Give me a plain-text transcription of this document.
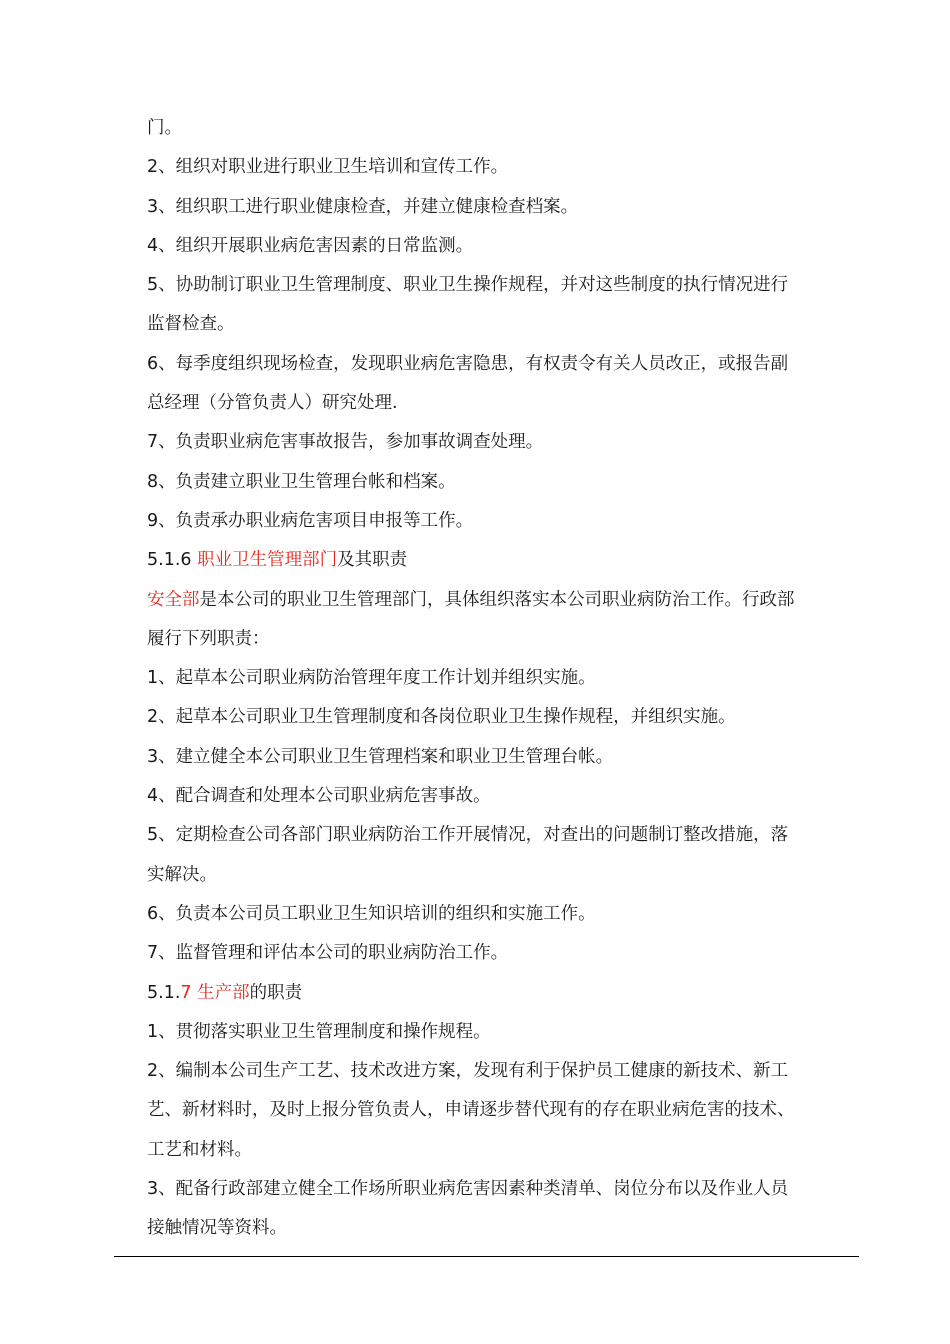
门。
2、组织对职业进行职业卫生培训和宣传工作。
3、组织职工进行职业健康检查，并建立健康检查档案。
4、组织开展职业病危害因素的日常监测。
5、协助制订职业卫生管理制度、职业卫生操作规程，并对这些制度的执行情况进行
监督检查。
6、每季度组织现场检查，发现职业病危害隐患，有权责令有关人员改正，或报告副
总经理（分管负责人）研究处理.
7、负责职业病危害事故报告，参加事故调查处理。
8、负责建立职业卫生管理台帐和档案。
9、负责承办职业病危害项目申报等工作。
5.1.6 职业卫生管理部门及其职责
安全部是本公司的职业卫生管理部门，具体组织落实本公司职业病防治工作。行政部
履行下列职责：
1、起草本公司职业病防治管理年度工作计划并组织实施。
2、起草本公司职业卫生管理制度和各岗位职业卫生操作规程，并组织实施。
3、建立健全本公司职业卫生管理档案和职业卫生管理台帐。
4、配合调查和处理本公司职业病危害事故。
5、定期检查公司各部门职业病防治工作开展情况，对查出的问题制订整改措施，落
实解决。
6、负责本公司员工职业卫生知识培训的组织和实施工作。
7、监督管理和评估本公司的职业病防治工作。
5.1.7 生产部的职责
1、贯彻落实职业卫生管理制度和操作规程。
2、编制本公司生产工艺、技术改进方案，发现有利于保护员工健康的新技术、新工
艺、新材料时，及时上报分管负责人，申请逐步替代现有的存在职业病危害的技术、
工艺和材料。
3、配备行政部建立健全工作场所职业病危害因素种类清单、岗位分布以及作业人员
接触情况等资料。
